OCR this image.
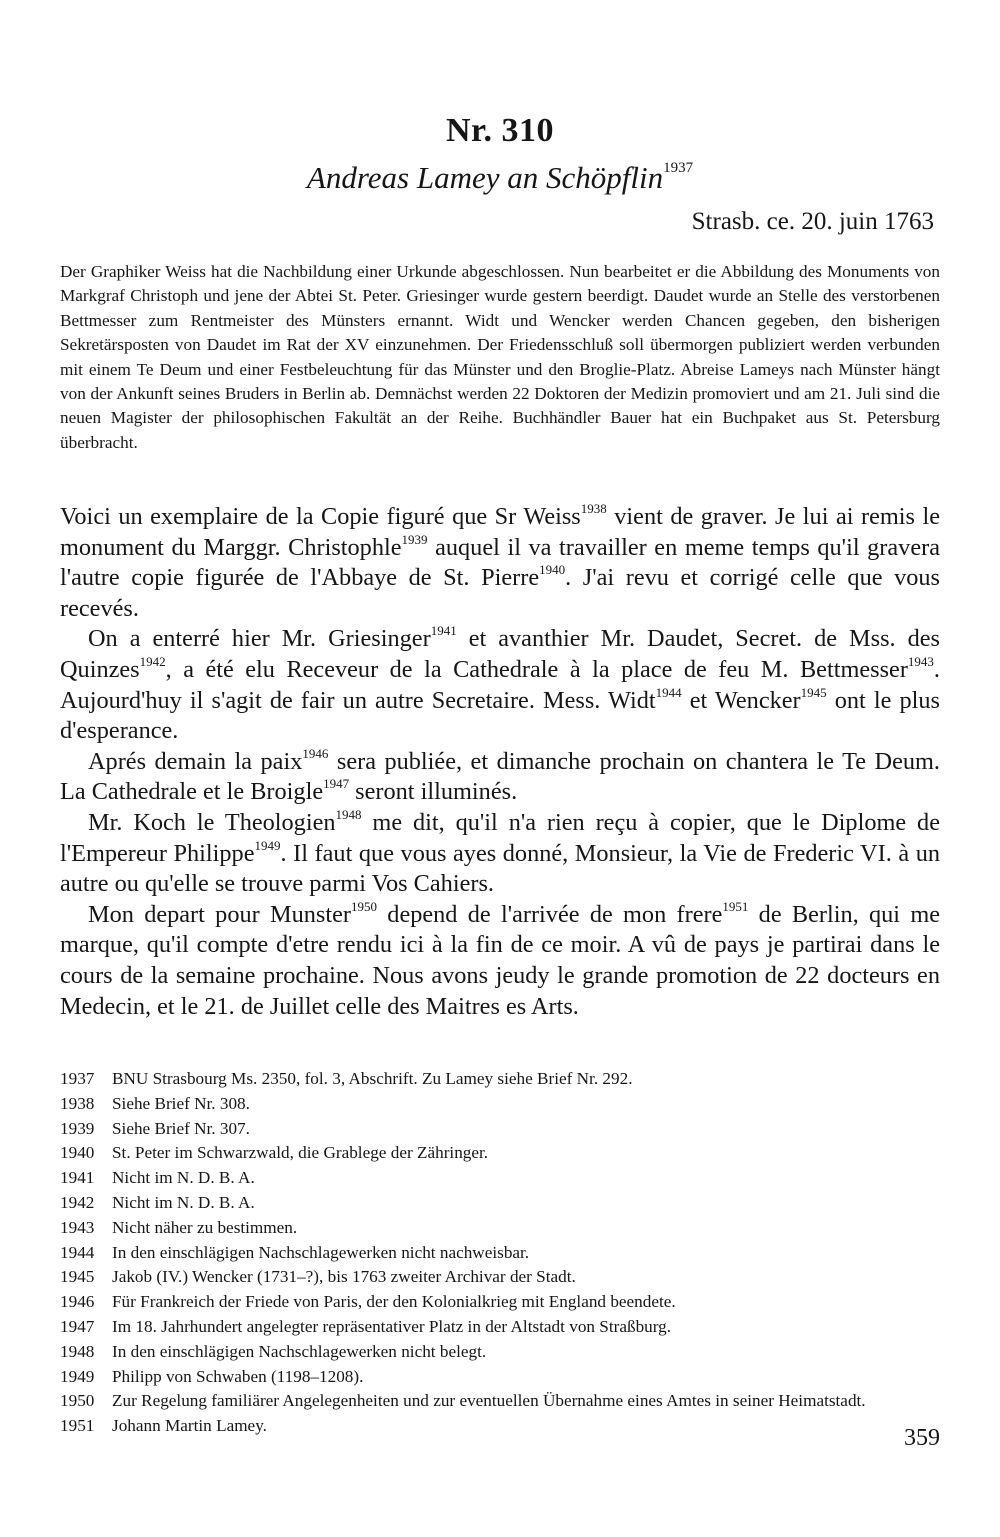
Nr. 310
Andreas Lamey an Schöpflin$^{1937}$
Strasb. ce. 20. juin 1763
Der Graphiker Weiss hat die Nachbildung einer Urkunde abgeschlossen. Nun bearbeitet er die Abbildung des Monuments von Markgraf Christoph und jene der Abtei St. Peter. Griesinger wurde gestern beerdigt. Daudet wurde an Stelle des verstorbenen Bettmesser zum Rentmeister des Münsters ernannt. Widt und Wencker werden Chancen gegeben, den bisherigen Sekretärsposten von Daudet im Rat der XV einzunehmen. Der Friedensschluß soll übermorgen publiziert werden verbunden mit einem Te Deum und einer Festbeleuchtung für das Münster und den Broglie-Platz. Abreise Lameys nach Münster hängt von der Ankunft seines Bruders in Berlin ab. Demnächst werden 22 Doktoren der Medizin promoviert und am 21. Juli sind die neuen Magister der philosophischen Fakultät an der Reihe. Buchhändler Bauer hat ein Buchpaket aus St. Petersburg überbracht.

Voici un exemplaire de la Copie figuré que Sr Weiss$^{1938}$ vient de graver. Je lui ai remis le monument du Marggr. Christophle$^{1939}$ auquel il va travailler en meme temps qu'il gravera l'autre copie figurée de l'Abbaye de St. Pierre$^{1940}$. J'ai revu et corrigé celle que vous recevés.

On a enterré hier Mr. Griesinger$^{1941}$ et avanthier Mr. Daudet, Secret. de Mss. des Quinzes$^{1942}$, a été elu Receveur de la Cathedrale à la place de feu M. Bettmesser$^{1943}$. Aujourd'huy il s'agit de fair un autre Secretaire. Mess. Widt$^{1944}$ et Wencker$^{1945}$ ont le plus d'esperance.

Aprés demain la paix$^{1946}$ sera publiée, et dimanche prochain on chantera le Te Deum. La Cathedrale et le Broigle$^{1947}$ seront illuminés.

Mr. Koch le Theologien$^{1948}$ me dit, qu'il n'a rien reçu à copier, que le Diplome de l'Empereur Philippe$^{1949}$. Il faut que vous ayes donné, Monsieur, la Vie de Frederic VI. à un autre ou qu'elle se trouve parmi Vos Cahiers.

Mon depart pour Munster$^{1950}$ depend de l'arrivée de mon frere$^{1951}$ de Berlin, qui me marque, qu'il compte d'etre rendu ici à la fin de ce moir. A vû de pays je partirai dans le cours de la semaine prochaine. Nous avons jeudy le grande promotion de 22 docteurs en Medecin, et le 21. de Juillet celle des Maitres es Arts.

1937	BNU Strasbourg Ms. 2350, fol. 3, Abschrift. Zu Lamey siehe Brief Nr. 292.
1938	Siehe Brief Nr. 308.
1939	Siehe Brief Nr. 307.
1940	St. Peter im Schwarzwald, die Grablege der Zähringer.
1941	Nicht im N. D. B. A.
1942	Nicht im N. D. B. A.
1943	Nicht näher zu bestimmen.
1944	In den einschlägigen Nachschlagewerken nicht nachweisbar.
1945	Jakob (IV.) Wencker (1731–?), bis 1763 zweiter Archivar der Stadt.
1946	Für Frankreich der Friede von Paris, der den Kolonialkrieg mit England beendete.
1947	Im 18. Jahrhundert angelegter repräsentativer Platz in der Altstadt von Straßburg.
1948	In den einschlägigen Nachschlagewerken nicht belegt.
1949	Philipp von Schwaben (1198–1208).
1950	Zur Regelung familiärer Angelegenheiten und zur eventuellen Übernahme eines Amtes in seiner Heimatstadt.
1951	Johann Martin Lamey.	359
